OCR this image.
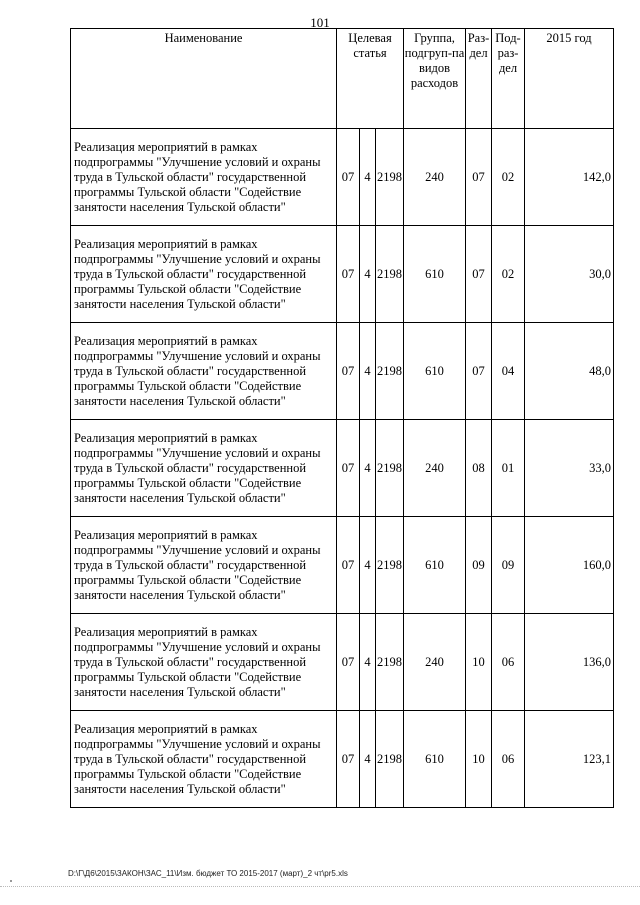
101
Наименование	Целевая статья			Группа, подгруп-па видов расходов	Раз-дел	Под-раз-дел	2015 год
Реализация мероприятий в рамках подпрограммы "Улучшение условий и охраны труда в Тульской области" государственной программы Тульской области "Содействие занятости населения Тульской области"	07	4	2198	240	07	02	142,0
Реализация мероприятий в рамках подпрограммы "Улучшение условий и охраны труда в Тульской области" государственной программы Тульской области "Содействие занятости населения Тульской области"	07	4	2198	610	07	02	30,0
Реализация мероприятий в рамках подпрограммы "Улучшение условий и охраны труда в Тульской области" государственной программы Тульской области "Содействие занятости населения Тульской области"	07	4	2198	610	07	04	48,0
Реализация мероприятий в рамках подпрограммы "Улучшение условий и охраны труда в Тульской области" государственной программы Тульской области "Содействие занятости населения Тульской области"	07	4	2198	240	08	01	33,0
Реализация мероприятий в рамках подпрограммы "Улучшение условий и охраны труда в Тульской области" государственной программы Тульской области "Содействие занятости населения Тульской области"	07	4	2198	610	09	09	160,0
Реализация мероприятий в рамках подпрограммы "Улучшение условий и охраны труда в Тульской области" государственной программы Тульской области "Содействие занятости населения Тульской области"	07	4	2198	240	10	06	136,0
Реализация мероприятий в рамках подпрограммы "Улучшение условий и охраны труда в Тульской области" государственной программы Тульской области "Содействие занятости населения Тульской области"	07	4	2198	610	10	06	123,1
D:\Г\Д6\2015\ЗАКОН\ЗАС_11\Изм. бюджет ТО 2015-2017 (март)_2 чт\pr5.xls
